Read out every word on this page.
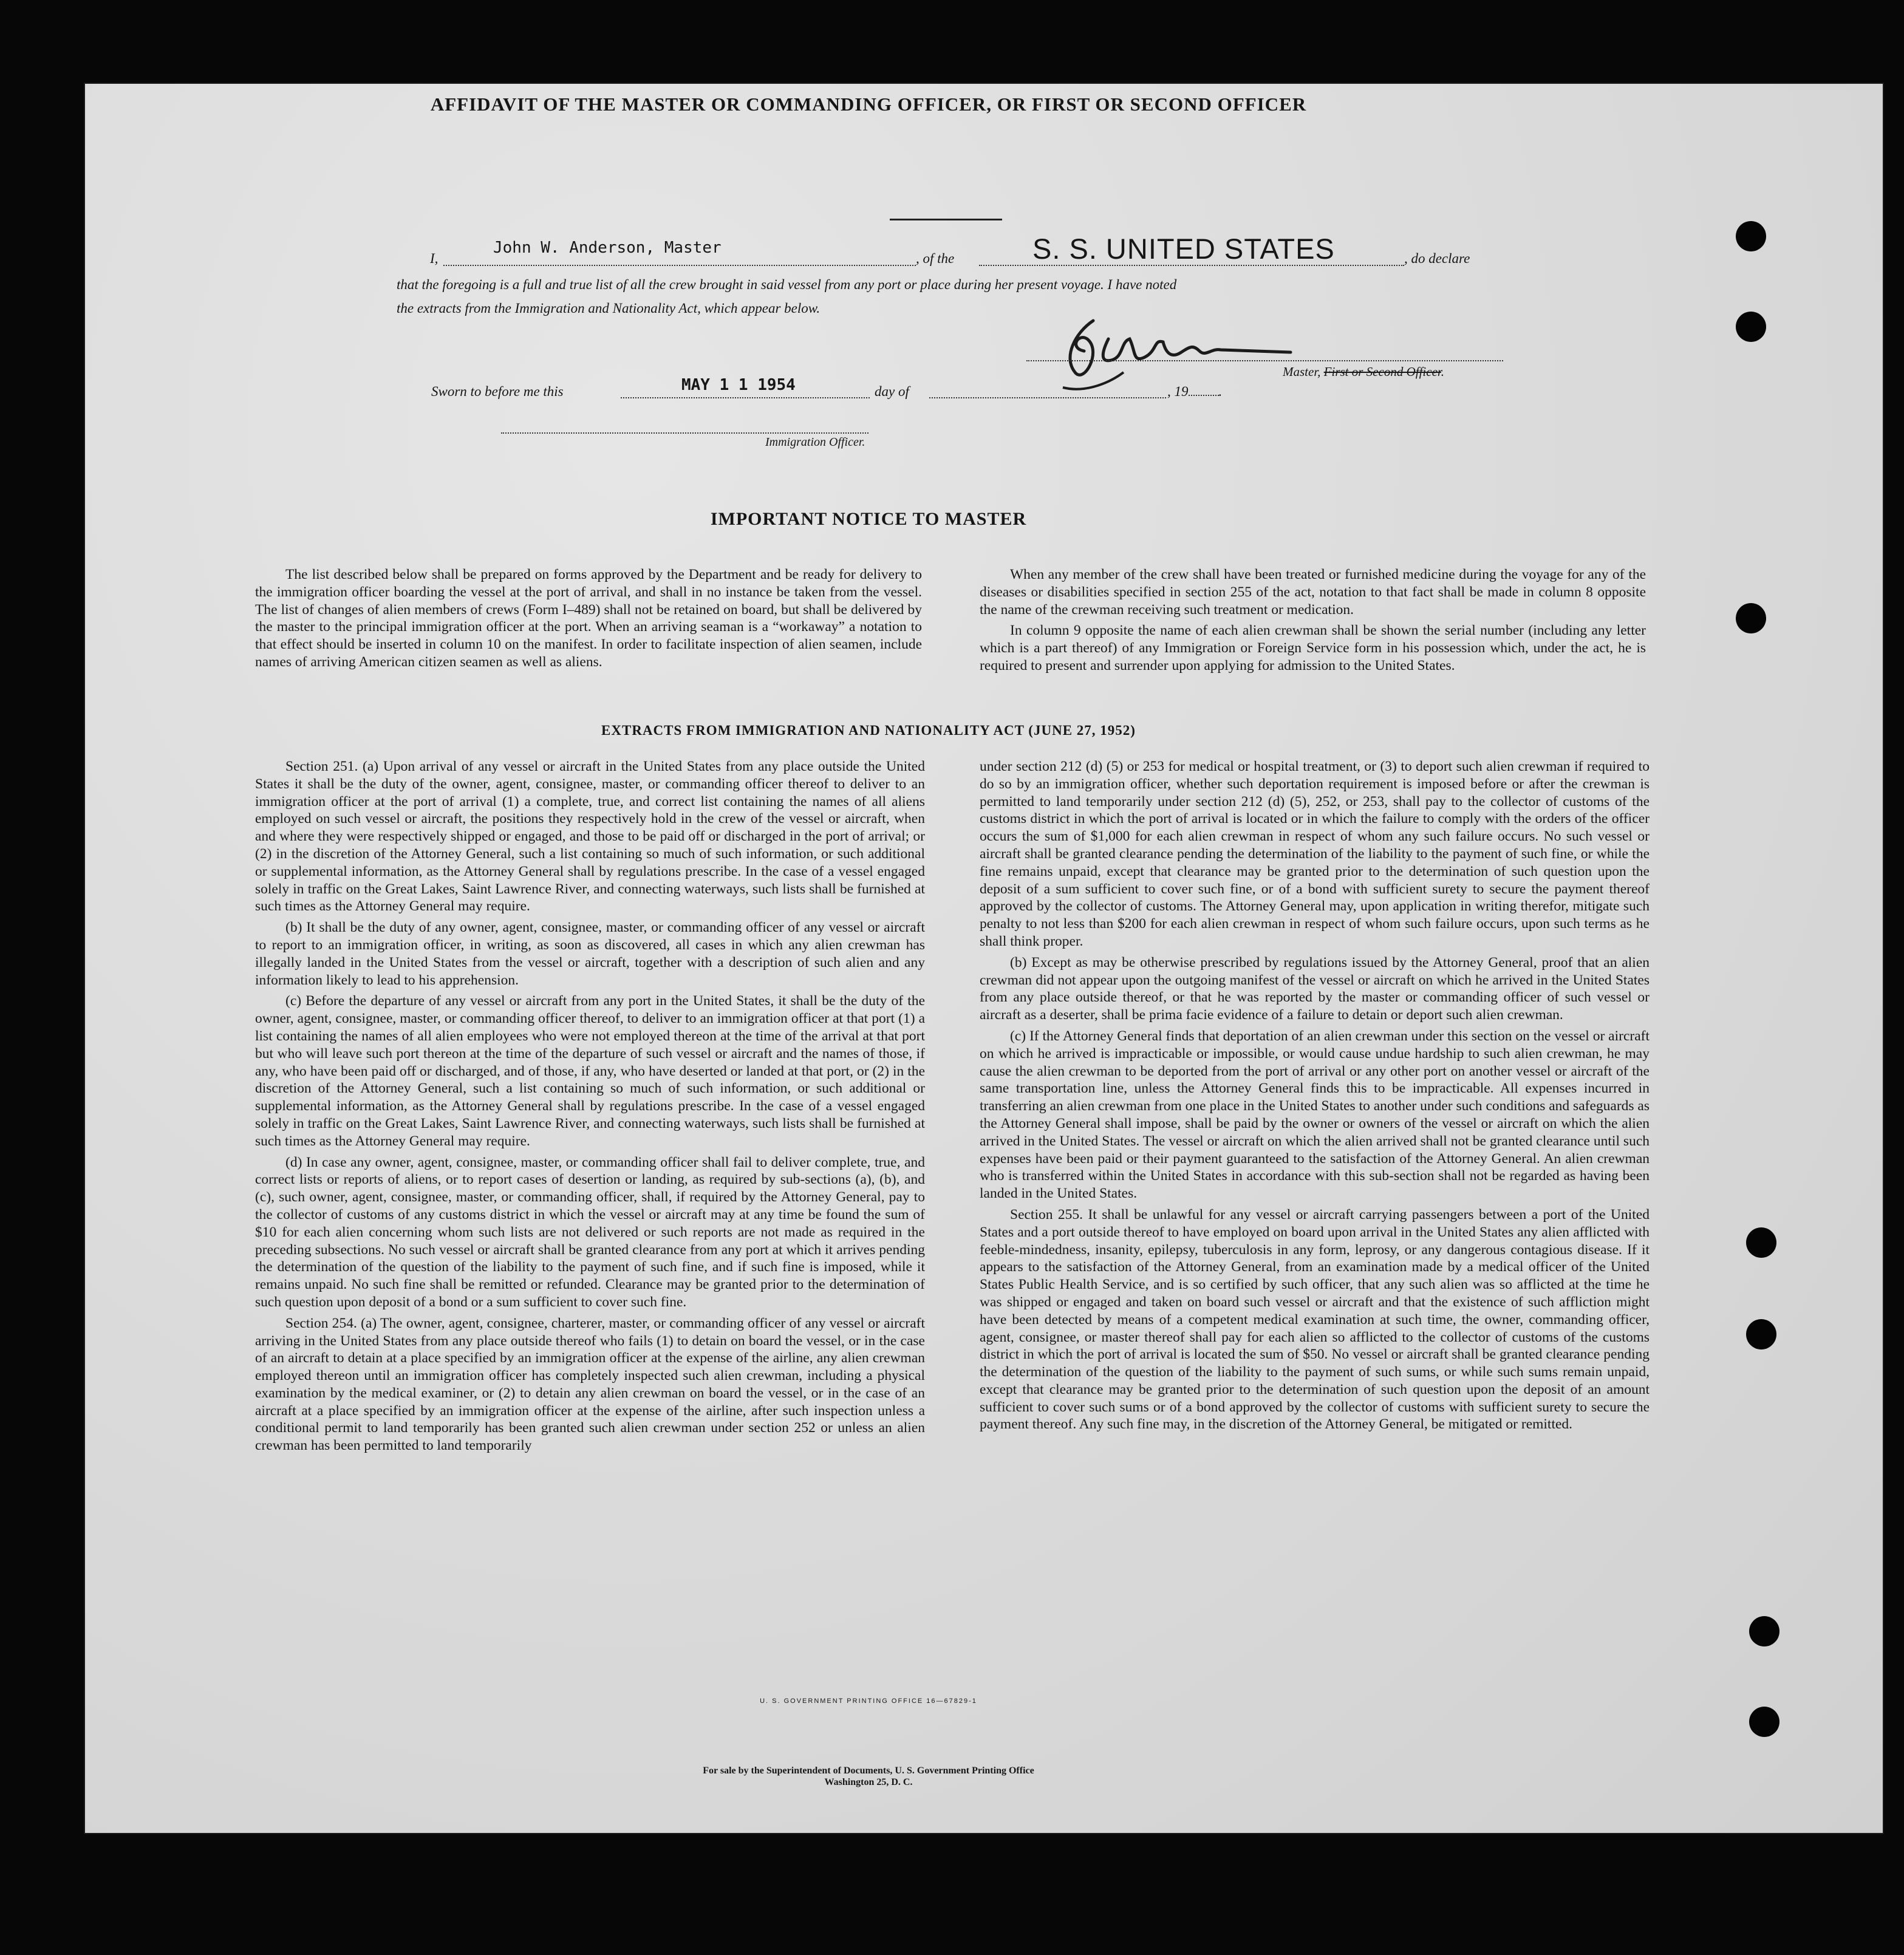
AFFIDAVIT OF THE MASTER OR COMMANDING OFFICER, OR FIRST OR SECOND OFFICER
I,
John W. Anderson, Master
, of the	S. S. UNITED STATES	, do declare
that the foregoing is a full and true list of all the crew brought in said vessel from any port or place during her present voyage. I have noted
the extracts from the Immigration and Nationality Act, which appear below.
Master, First or Second Officer.
Sworn to before me this	MAY 1 1 1954	day of	, 19 .
Immigration Officer.
IMPORTANT NOTICE TO MASTER

The list described below shall be prepared on forms approved by the Department and be ready for delivery to the immigration officer boarding the vessel at the port of arrival, and shall in no instance be taken from the vessel. The list of changes of alien members of crews (Form I–489) shall not be retained on board, but shall be delivered by the master to the principal immigration officer at the port. When an arriving seaman is a “workaway” a notation to that effect should be inserted in column 10 on the manifest. In order to facilitate inspection of alien seamen, include names of arriving American citizen seamen as well as aliens.

When any member of the crew shall have been treated or furnished medicine during the voyage for any of the diseases or disabilities specified in section 255 of the act, notation to that fact shall be made in column 8 opposite the name of the crewman receiving such treatment or medication.

In column 9 opposite the name of each alien crewman shall be shown the serial number (including any letter which is a part thereof) of any Immigration or Foreign Service form in his possession which, under the act, he is required to present and surrender upon applying for admission to the United States.

EXTRACTS FROM IMMIGRATION AND NATIONALITY ACT (JUNE 27, 1952)

Section 251. (a) Upon arrival of any vessel or aircraft in the United States from any place outside the United States it shall be the duty of the owner, agent, consignee, master, or commanding officer thereof to deliver to an immigration officer at the port of arrival (1) a complete, true, and correct list containing the names of all aliens employed on such vessel or aircraft, the positions they respectively hold in the crew of the vessel or aircraft, when and where they were respectively shipped or engaged, and those to be paid off or discharged in the port of arrival; or (2) in the discretion of the Attorney General, such a list containing so much of such information, or such additional or supplemental information, as the Attorney General shall by regulations prescribe. In the case of a vessel engaged solely in traffic on the Great Lakes, Saint Lawrence River, and connecting waterways, such lists shall be furnished at such times as the Attorney General may require.

(b) It shall be the duty of any owner, agent, consignee, master, or commanding officer of any vessel or aircraft to report to an immigration officer, in writing, as soon as discovered, all cases in which any alien crewman has illegally landed in the United States from the vessel or aircraft, together with a description of such alien and any information likely to lead to his apprehension.

(c) Before the departure of any vessel or aircraft from any port in the United States, it shall be the duty of the owner, agent, consignee, master, or commanding officer thereof, to deliver to an immigration officer at that port (1) a list containing the names of all alien employees who were not employed thereon at the time of the arrival at that port but who will leave such port thereon at the time of the departure of such vessel or aircraft and the names of those, if any, who have been paid off or discharged, and of those, if any, who have deserted or landed at that port, or (2) in the discretion of the Attorney General, such a list containing so much of such information, or such additional or supplemental information, as the Attorney General shall by regulations prescribe. In the case of a vessel engaged solely in traffic on the Great Lakes, Saint Lawrence River, and connecting waterways, such lists shall be furnished at such times as the Attorney General may require.

(d) In case any owner, agent, consignee, master, or commanding officer shall fail to deliver complete, true, and correct lists or reports of aliens, or to report cases of desertion or landing, as required by sub-sections (a), (b), and (c), such owner, agent, consignee, master, or commanding officer, shall, if required by the Attorney General, pay to the collector of customs of any customs district in which the vessel or aircraft may at any time be found the sum of $10 for each alien concerning whom such lists are not delivered or such reports are not made as required in the preceding subsections. No such vessel or aircraft shall be granted clearance from any port at which it arrives pending the determination of the question of the liability to the payment of such fine, and if such fine is imposed, while it remains unpaid. No such fine shall be remitted or refunded. Clearance may be granted prior to the determination of such question upon deposit of a bond or a sum sufficient to cover such fine.

Section 254. (a) The owner, agent, consignee, charterer, master, or commanding officer of any vessel or aircraft arriving in the United States from any place outside thereof who fails (1) to detain on board the vessel, or in the case of an aircraft to detain at a place specified by an immigration officer at the expense of the airline, any alien crewman employed thereon until an immigration officer has completely inspected such alien crewman, including a physical examination by the medical examiner, or (2) to detain any alien crewman on board the vessel, or in the case of an aircraft at a place specified by an immigration officer at the expense of the airline, after such inspection unless a conditional permit to land temporarily has been granted such alien crewman under section 252 or unless an alien crewman has been permitted to land temporarily

under section 212 (d) (5) or 253 for medical or hospital treatment, or (3) to deport such alien crewman if required to do so by an immigration officer, whether such deportation requirement is imposed before or after the crewman is permitted to land temporarily under section 212 (d) (5), 252, or 253, shall pay to the collector of customs of the customs district in which the port of arrival is located or in which the failure to comply with the orders of the officer occurs the sum of $1,000 for each alien crewman in respect of whom any such failure occurs. No such vessel or aircraft shall be granted clearance pending the determination of the liability to the payment of such fine, or while the fine remains unpaid, except that clearance may be granted prior to the determination of such question upon the deposit of a sum sufficient to cover such fine, or of a bond with sufficient surety to secure the payment thereof approved by the collector of customs. The Attorney General may, upon application in writing therefor, mitigate such penalty to not less than $200 for each alien crewman in respect of whom such failure occurs, upon such terms as he shall think proper.

(b) Except as may be otherwise prescribed by regulations issued by the Attorney General, proof that an alien crewman did not appear upon the outgoing manifest of the vessel or aircraft on which he arrived in the United States from any place outside thereof, or that he was reported by the master or commanding officer of such vessel or aircraft as a deserter, shall be prima facie evidence of a failure to detain or deport such alien crewman.

(c) If the Attorney General finds that deportation of an alien crewman under this section on the vessel or aircraft on which he arrived is impracticable or impossible, or would cause undue hardship to such alien crewman, he may cause the alien crewman to be deported from the port of arrival or any other port on another vessel or aircraft of the same transportation line, unless the Attorney General finds this to be impracticable. All expenses incurred in transferring an alien crewman from one place in the United States to another under such conditions and safeguards as the Attorney General shall impose, shall be paid by the owner or owners of the vessel or aircraft on which the alien arrived in the United States. The vessel or aircraft on which the alien arrived shall not be granted clearance until such expenses have been paid or their payment guaranteed to the satisfaction of the Attorney General. An alien crewman who is transferred within the United States in accordance with this sub-section shall not be regarded as having been landed in the United States.

Section 255. It shall be unlawful for any vessel or aircraft carrying passengers between a port of the United States and a port outside thereof to have employed on board upon arrival in the United States any alien afflicted with feeble-mindedness, insanity, epilepsy, tuberculosis in any form, leprosy, or any dangerous contagious disease. If it appears to the satisfaction of the Attorney General, from an examination made by a medical officer of the United States Public Health Service, and is so certified by such officer, that any such alien was so afflicted at the time he was shipped or engaged and taken on board such vessel or aircraft and that the existence of such affliction might have been detected by means of a competent medical examination at such time, the owner, commanding officer, agent, consignee, or master thereof shall pay for each alien so afflicted to the collector of customs of the customs district in which the port of arrival is located the sum of $50. No vessel or aircraft shall be granted clearance pending the determination of the question of the liability to the payment of such sums, or while such sums remain unpaid, except that clearance may be granted prior to the determination of such question upon the deposit of an amount sufficient to cover such sums or of a bond approved by the collector of customs with sufficient surety to secure the payment thereof. Any such fine may, in the discretion of the Attorney General, be mitigated or remitted.

U. S. GOVERNMENT PRINTING OFFICE 16—67829-1
For sale by the Superintendent of Documents, U. S. Government Printing Office
Washington 25, D. C.
